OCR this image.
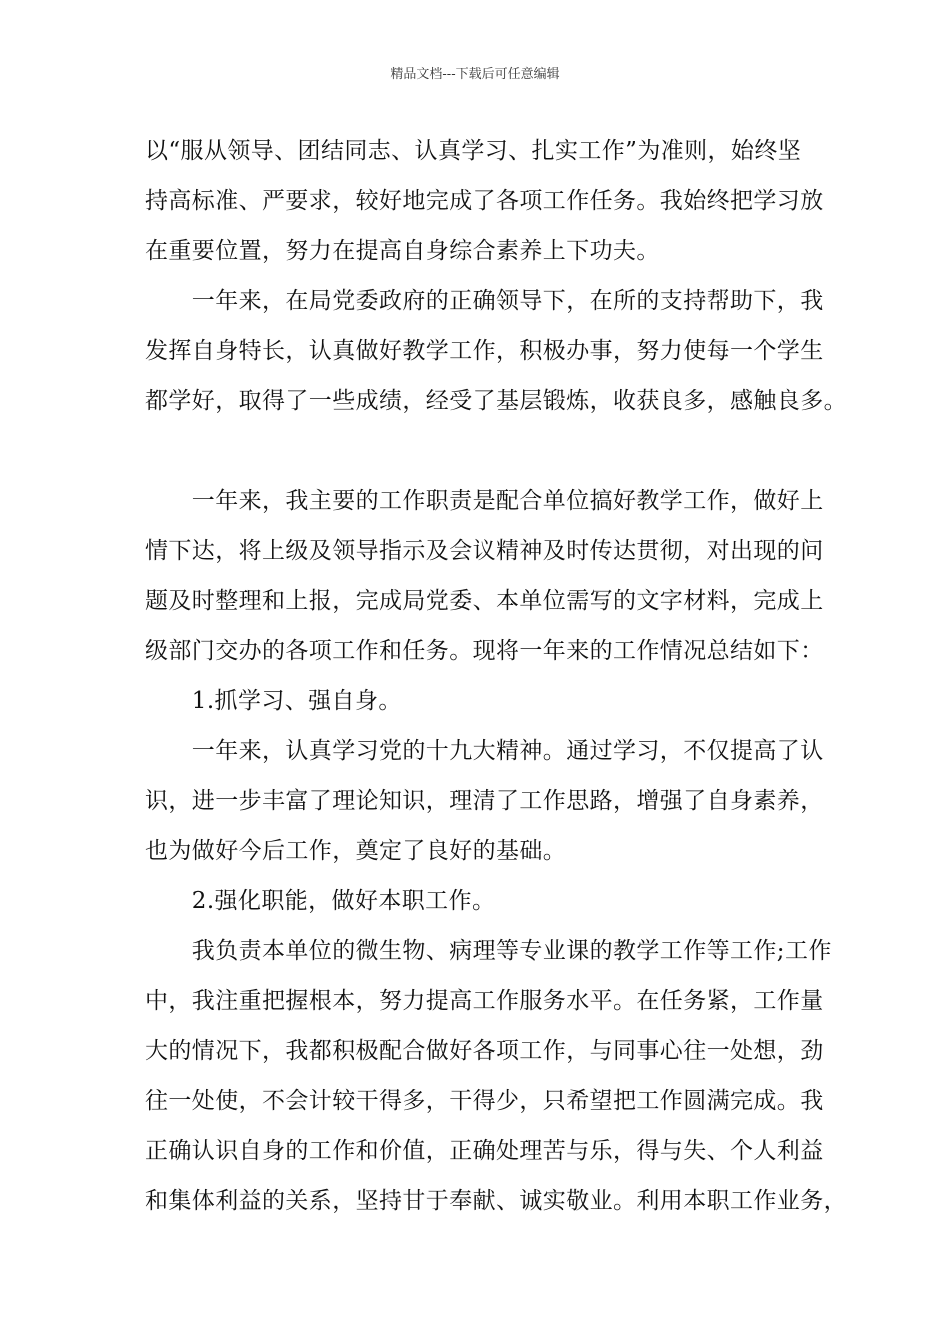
精品文档---下载后可任意编辑
以“服从领导、团结同志、认真学习、扎实工作”为准则，始终坚
持高标准、严要求，较好地完成了各项工作任务。我始终把学习放
在重要位置，努力在提高自身综合素养上下功夫。
　　一年来，在局党委政府的正确领导下，在所的支持帮助下，我
发挥自身特长，认真做好教学工作，积极办事，努力使每一个学生
都学好，取得了一些成绩，经受了基层锻炼，收获良多，感触良多。
　　一年来，我主要的工作职责是配合单位搞好教学工作，做好上
情下达，将上级及领导指示及会议精神及时传达贯彻，对出现的问
题及时整理和上报，完成局党委、本单位需写的文字材料，完成上
级部门交办的各项工作和任务。现将一年来的工作情况总结如下：
　　1.抓学习、强自身。
　　一年来，认真学习党的十九大精神。通过学习，不仅提高了认
识，进一步丰富了理论知识，理清了工作思路，增强了自身素养，
也为做好今后工作，奠定了良好的基础。
　　2.强化职能，做好本职工作。
　　我负责本单位的微生物、病理等专业课的教学工作等工作;工作
中，我注重把握根本，努力提高工作服务水平。在任务紧，工作量
大的情况下，我都积极配合做好各项工作，与同事心往一处想，劲
往一处使，不会计较干得多，干得少，只希望把工作圆满完成。我
正确认识自身的工作和价值，正确处理苦与乐，得与失、个人利益
和集体利益的关系，坚持甘于奉献、诚实敬业。利用本职工作业务，
